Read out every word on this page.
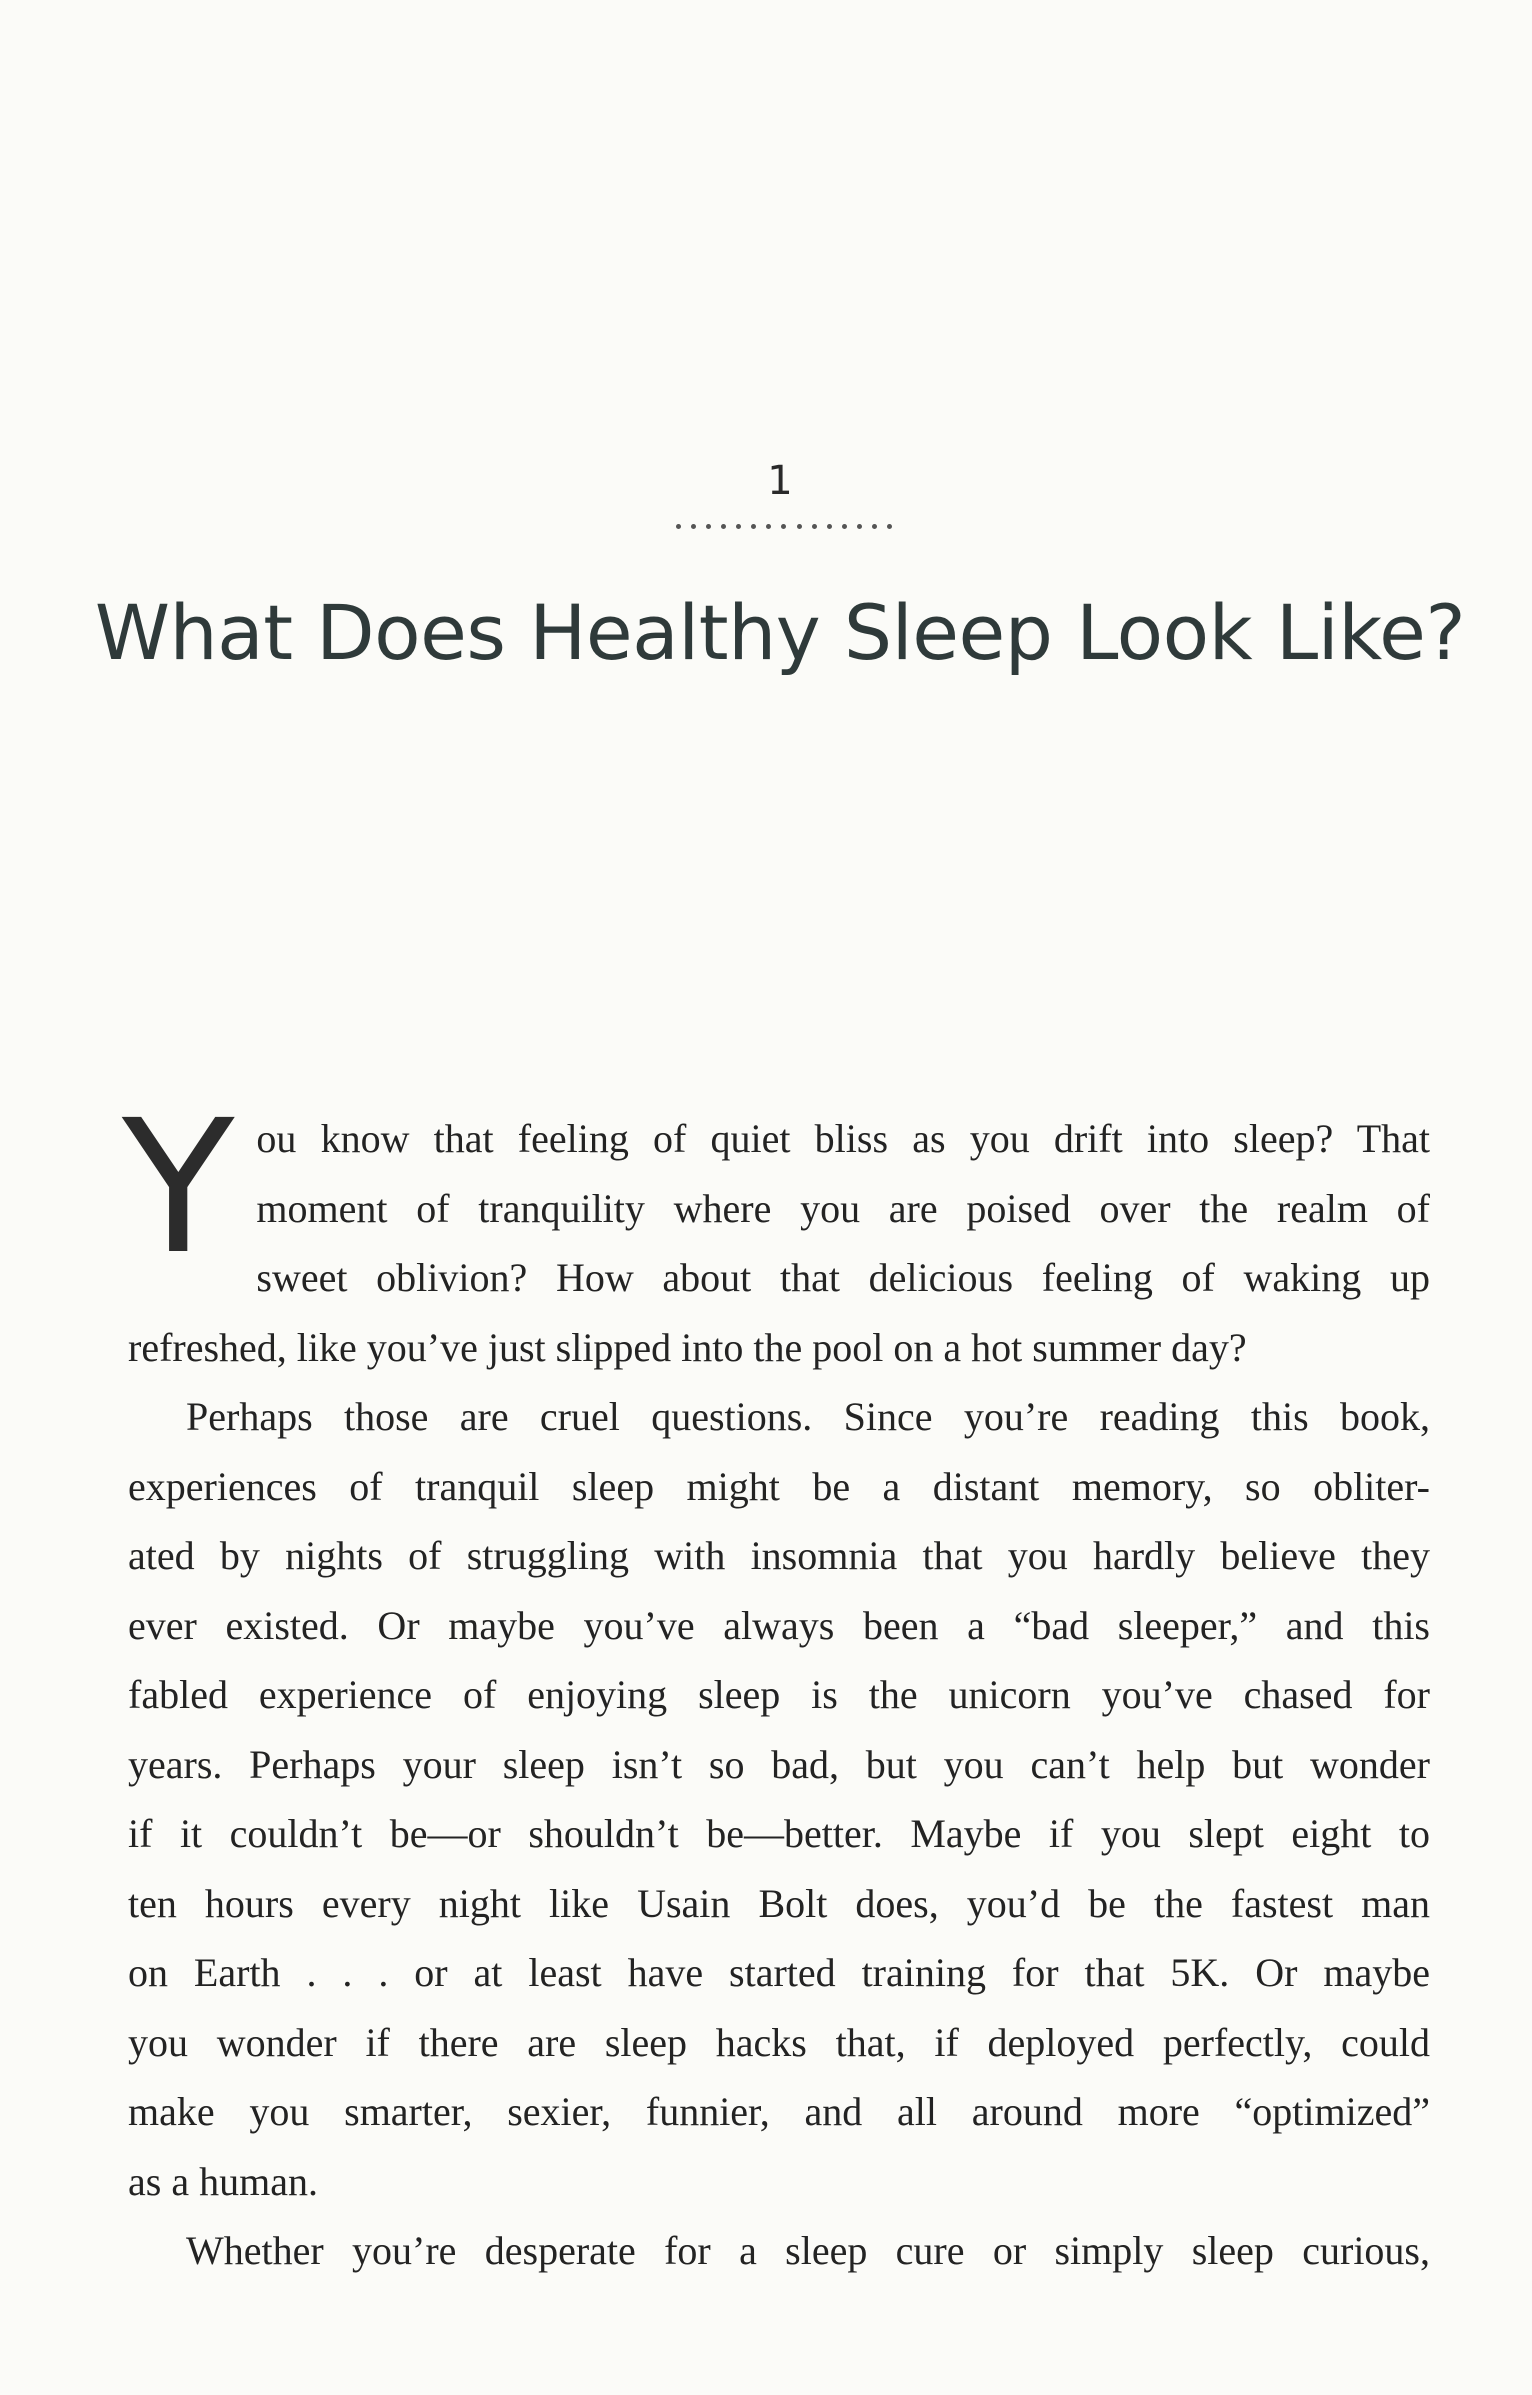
1
What Does Healthy Sleep Look Like?
Y ou know that feeling of quiet bliss as you drift into sleep? That
moment of tranquility where you are poised over the realm of
sweet oblivion? How about that delicious feeling of waking up
refreshed, like you’ve just slipped into the pool on a hot summer day?
Perhaps those are cruel questions. Since you’re reading this book,
experiences of tranquil sleep might be a distant memory, so obliter-
ated by nights of struggling with insomnia that you hardly believe they
ever existed. Or maybe you’ve always been a “bad sleeper,” and this
fabled experience of enjoying sleep is the unicorn you’ve chased for
years. Perhaps your sleep isn’t so bad, but you can’t help but wonder
if it couldn’t be—or shouldn’t be—better. Maybe if you slept eight to
ten hours every night like Usain Bolt does, you’d be the fastest man
on Earth . . . or at least have started training for that 5K. Or maybe
you wonder if there are sleep hacks that, if deployed perfectly, could
make you smarter, sexier, funnier, and all around more “optimized”
as a human.
Whether you’re desperate for a sleep cure or simply sleep curious,
